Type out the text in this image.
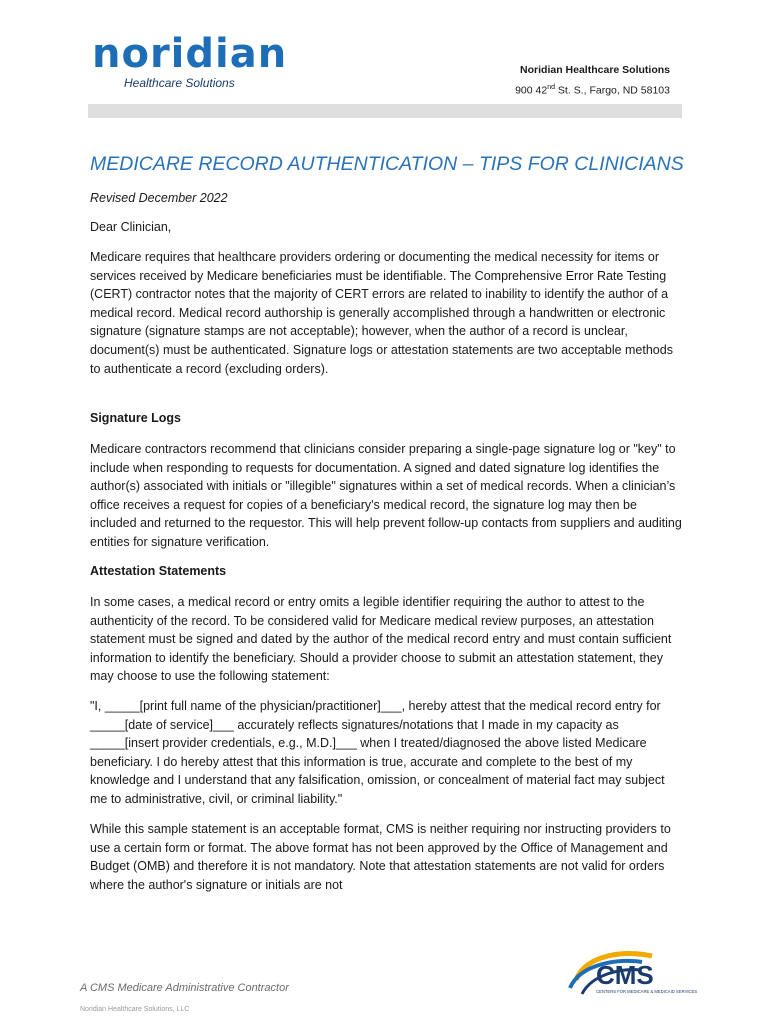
noridian
Healthcare Solutions
Noridian Healthcare Solutions
900 42nd St. S., Fargo, ND 58103
MEDICARE RECORD AUTHENTICATION – TIPS FOR CLINICIANS
Revised December 2022
Dear Clinician,

Medicare requires that healthcare providers ordering or documenting the medical necessity for items or services received by Medicare beneficiaries must be identifiable. The Comprehensive Error Rate Testing (CERT) contractor notes that the majority of CERT errors are related to inability to identify the author of a medical record. Medical record authorship is generally accomplished through a handwritten or electronic signature (signature stamps are not acceptable); however, when the author of a record is unclear, document(s) must be authenticated. Signature logs or attestation statements are two acceptable methods to authenticate a record (excluding orders).

Signature Logs

Medicare contractors recommend that clinicians consider preparing a single-page signature log or "key" to include when responding to requests for documentation. A signed and dated signature log identifies the author(s) associated with initials or "illegible" signatures within a set of medical records. When a clinician’s office receives a request for copies of a beneficiary's medical record, the signature log may then be included and returned to the requestor. This will help prevent follow-up contacts from suppliers and auditing entities for signature verification.

Attestation Statements

In some cases, a medical record or entry omits a legible identifier requiring the author to attest to the authenticity of the record. To be considered valid for Medicare medical review purposes, an attestation statement must be signed and dated by the author of the medical record entry and must contain sufficient information to identify the beneficiary. Should a provider choose to submit an attestation statement, they may choose to use the following statement:

"I, _____[print full name of the physician/practitioner]___, hereby attest that the medical record entry for _____[date of service]___ accurately reflects signatures/notations that I made in my capacity as _____[insert provider credentials, e.g., M.D.]___ when I treated/diagnosed the above listed Medicare beneficiary. I do hereby attest that this information is true, accurate and complete to the best of my knowledge and I understand that any falsification, omission, or concealment of material fact may subject me to administrative, civil, or criminal liability."

While this sample statement is an acceptable format, CMS is neither requiring nor instructing providers to use a certain form or format. The above format has not been approved by the Office of Management and Budget (OMB) and therefore it is not mandatory. Note that attestation statements are not valid for orders where the author's signature or initials are not

A CMS Medicare Administrative Contractor
Noridian Healthcare Solutions, LLC
CMS
CENTERS FOR MEDICARE & MEDICAID SERVICES
